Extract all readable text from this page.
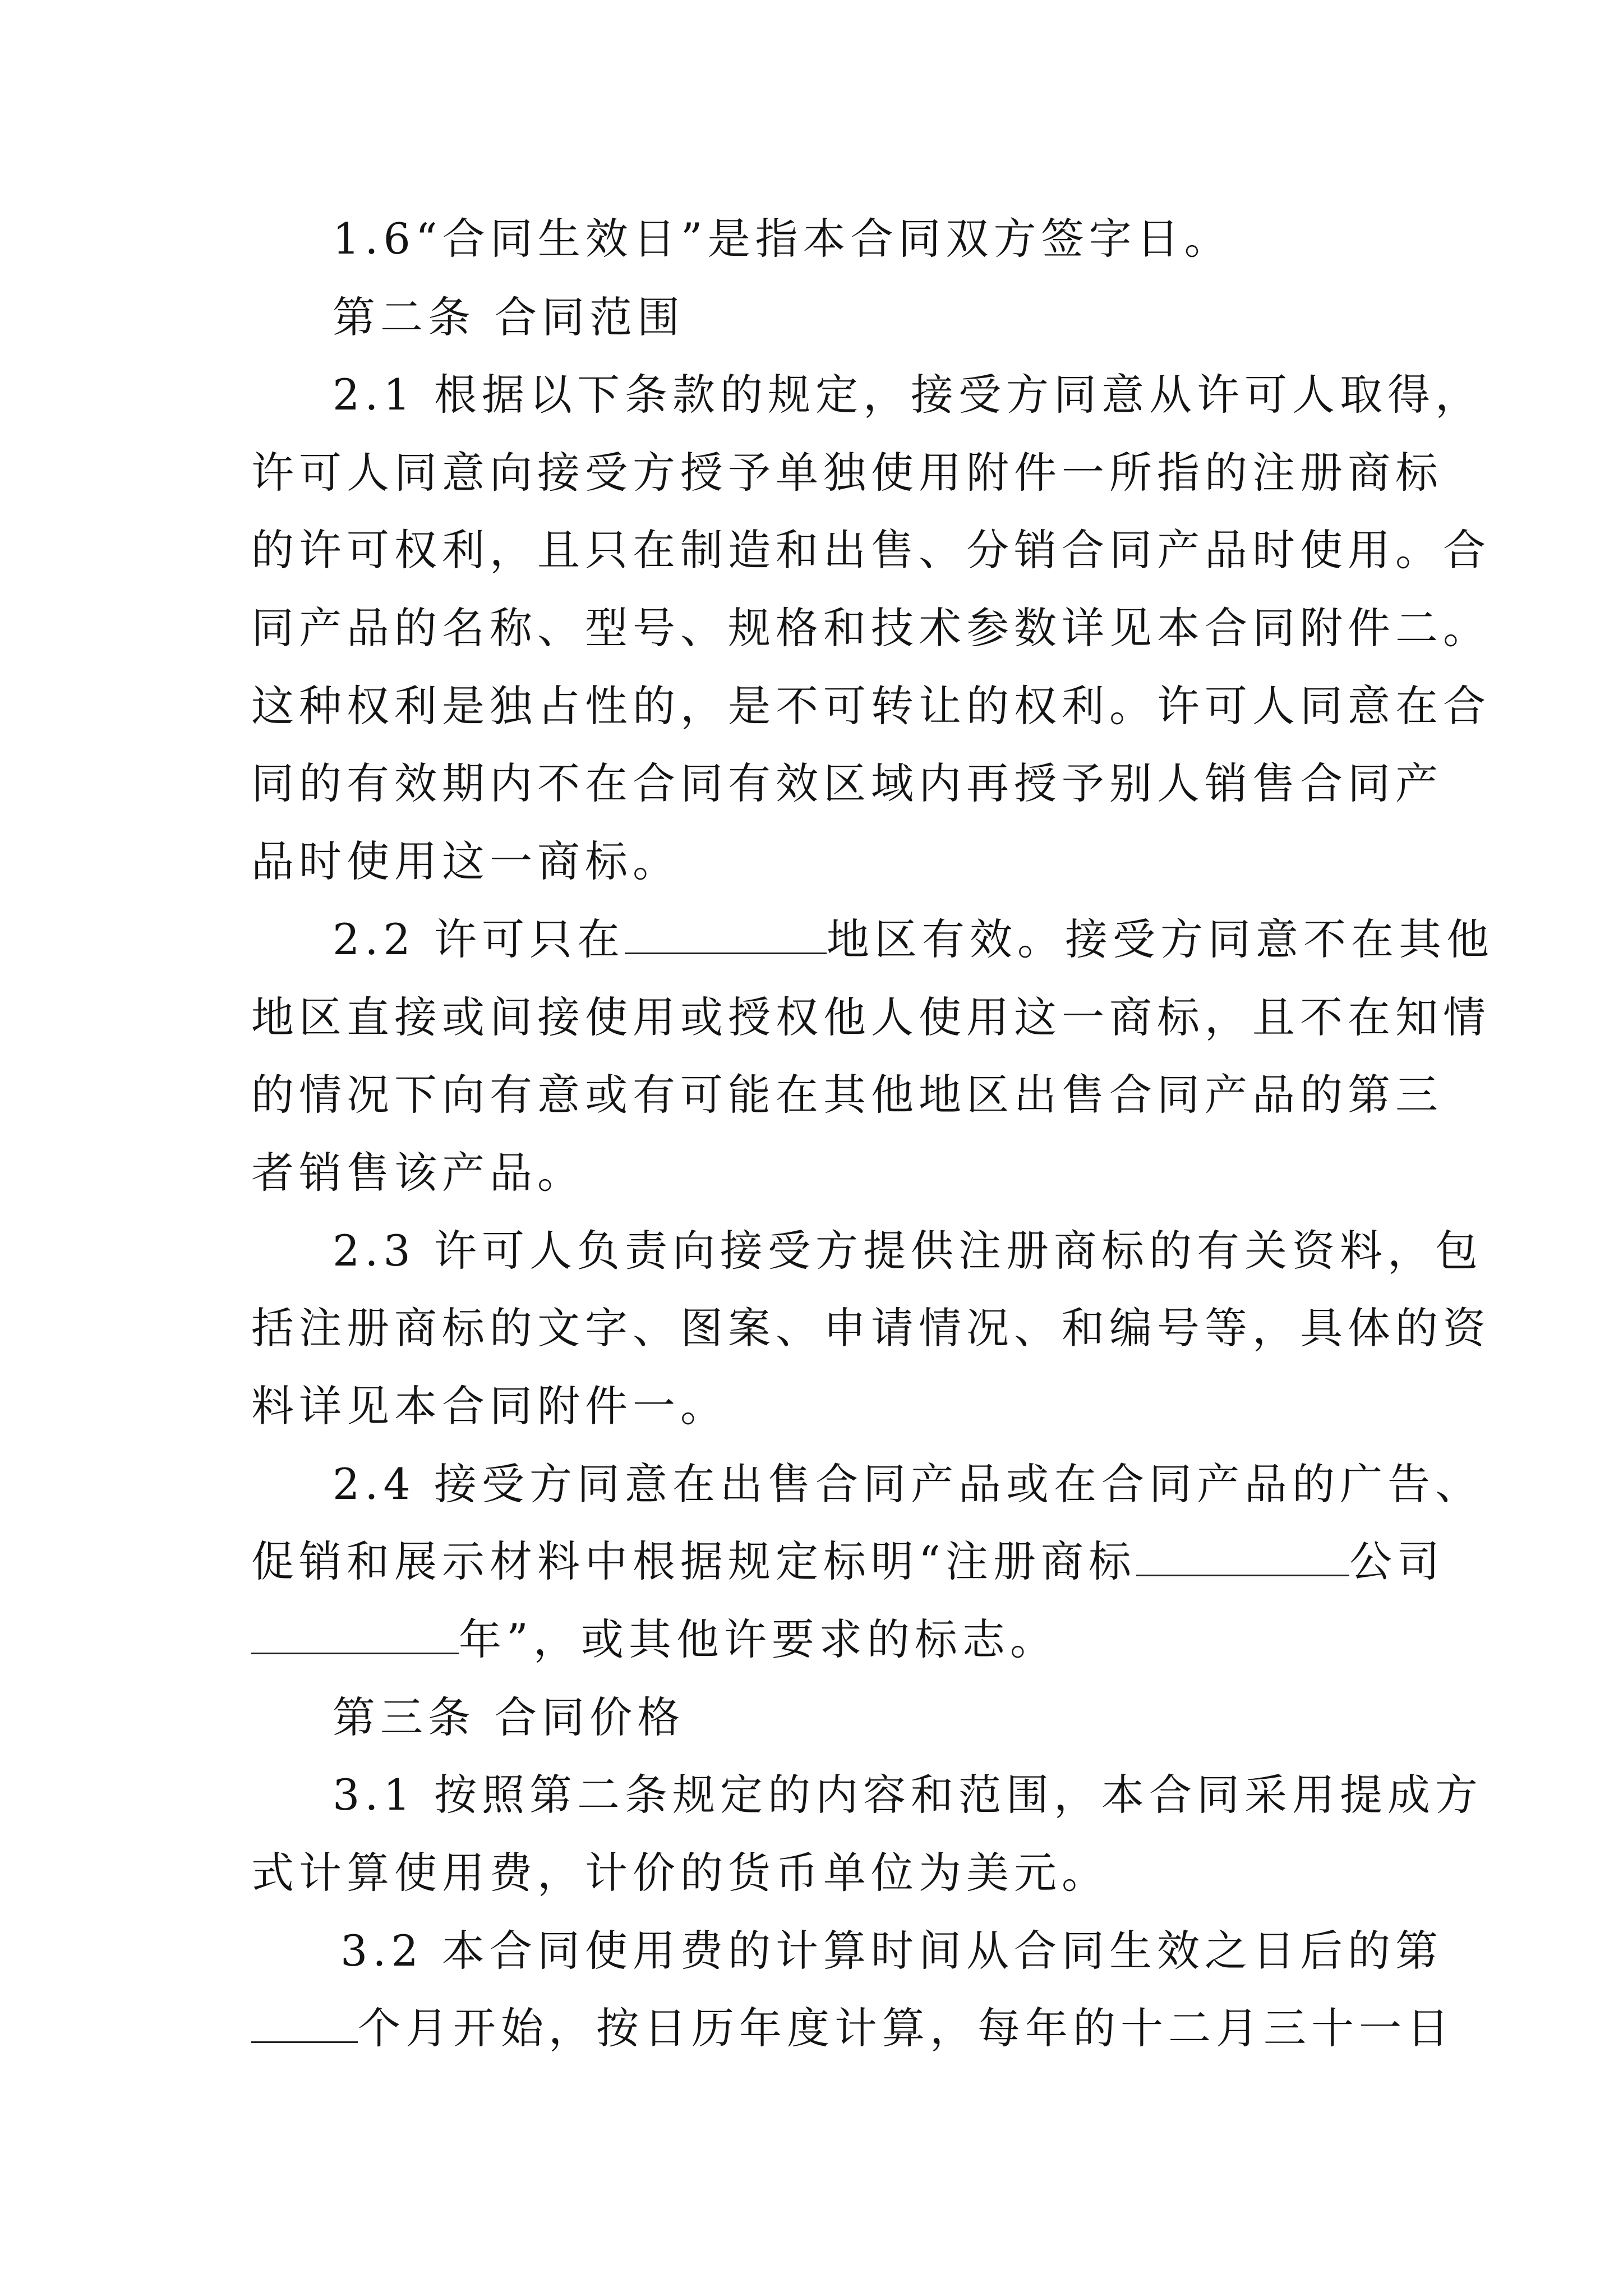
1.6“合同生效日”是指本合同双方签字日。
第二条 合同范围
2.1 根据以下条款的规定，接受方同意从许可人取得，
许可人同意向接受方授予单独使用附件一所指的注册商标
的许可权利，且只在制造和出售、分销合同产品时使用。合
同产品的名称、型号、规格和技术参数详见本合同附件二。
这种权利是独占性的，是不可转让的权利。许可人同意在合
同的有效期内不在合同有效区域内再授予别人销售合同产
品时使用这一商标。
2.2 许可只在	地区有效。接受方同意不在其他
地区直接或间接使用或授权他人使用这一商标，且不在知情
的情况下向有意或有可能在其他地区出售合同产品的第三
者销售该产品。
2.3 许可人负责向接受方提供注册商标的有关资料，包
括注册商标的文字、图案、申请情况、和编号等，具体的资
料详见本合同附件一。
2.4 接受方同意在出售合同产品或在合同产品的广告、
促销和展示材料中根据规定标明“注册商标	公司
年”，或其他许要求的标志。
第三条 合同价格
3.1 按照第二条规定的内容和范围，本合同采用提成方
式计算使用费，计价的货币单位为美元。
3.2 本合同使用费的计算时间从合同生效之日后的第
个月开始，按日历年度计算，每年的十二月三十一日
